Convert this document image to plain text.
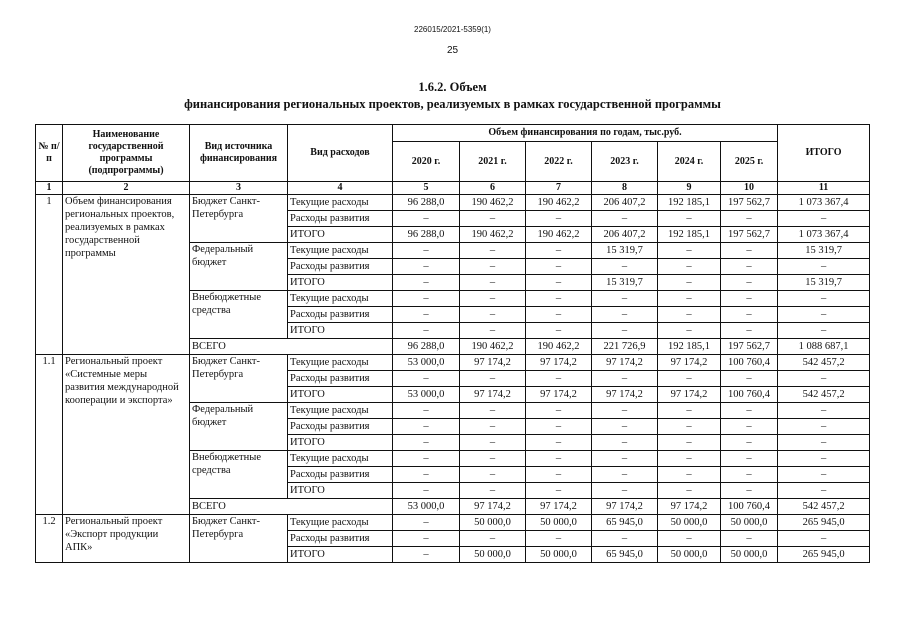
226015/2021-5359(1)
25
1.6.2. Объем
финансирования региональных проектов, реализуемых в рамках государственной программы
№ п/п	Наименование государственной программы (подпрограммы)	Вид источника финансирования	Вид расходов	Объем финансирования по годам, тыс.руб.						ИТОГО
				2020 г.	2021 г.	2022 г.	2023 г.	2024 г.	2025 г.	
1	2	3	4	5	6	7	8	9	10	11
1	Объем финансирования региональных проектов, реализуемых в рамках государственной программы	Бюджет Санкт-Петербурга	Текущие расходы	96 288,0	190 462,2	190 462,2	206 407,2	192 185,1	197 562,7	1 073 367,4
			Расходы развития	–	–	–	–	–	–	–
			ИТОГО	96 288,0	190 462,2	190 462,2	206 407,2	192 185,1	197 562,7	1 073 367,4
		Федеральный бюджет	Текущие расходы	–	–	–	15 319,7	–	–	15 319,7
			Расходы развития	–	–	–	–	–	–	–
			ИТОГО	–	–	–	15 319,7	–	–	15 319,7
		Внебюджетные средства	Текущие расходы	–	–	–	–	–	–	–
			Расходы развития	–	–	–	–	–	–	–
			ИТОГО	–	–	–	–	–	–	–
		ВСЕГО		96 288,0	190 462,2	190 462,2	221 726,9	192 185,1	197 562,7	1 088 687,1
1.1	Региональный проект «Системные меры развития международной кооперации и экспорта»	Бюджет Санкт-Петербурга	Текущие расходы	53 000,0	97 174,2	97 174,2	97 174,2	97 174,2	100 760,4	542 457,2
			Расходы развития	–	–	–	–	–	–	–
			ИТОГО	53 000,0	97 174,2	97 174,2	97 174,2	97 174,2	100 760,4	542 457,2
		Федеральный бюджет	Текущие расходы	–	–	–	–	–	–	–
			Расходы развития	–	–	–	–	–	–	–
			ИТОГО	–	–	–	–	–	–	–
		Внебюджетные средства	Текущие расходы	–	–	–	–	–	–	–
			Расходы развития	–	–	–	–	–	–	–
			ИТОГО	–	–	–	–	–	–	–
		ВСЕГО		53 000,0	97 174,2	97 174,2	97 174,2	97 174,2	100 760,4	542 457,2
1.2	Региональный проект «Экспорт продукции АПК»	Бюджет Санкт-Петербурга	Текущие расходы	–	50 000,0	50 000,0	65 945,0	50 000,0	50 000,0	265 945,0
			Расходы развития	–	–	–	–	–	–	–
			ИТОГО	–	50 000,0	50 000,0	65 945,0	50 000,0	50 000,0	265 945,0
